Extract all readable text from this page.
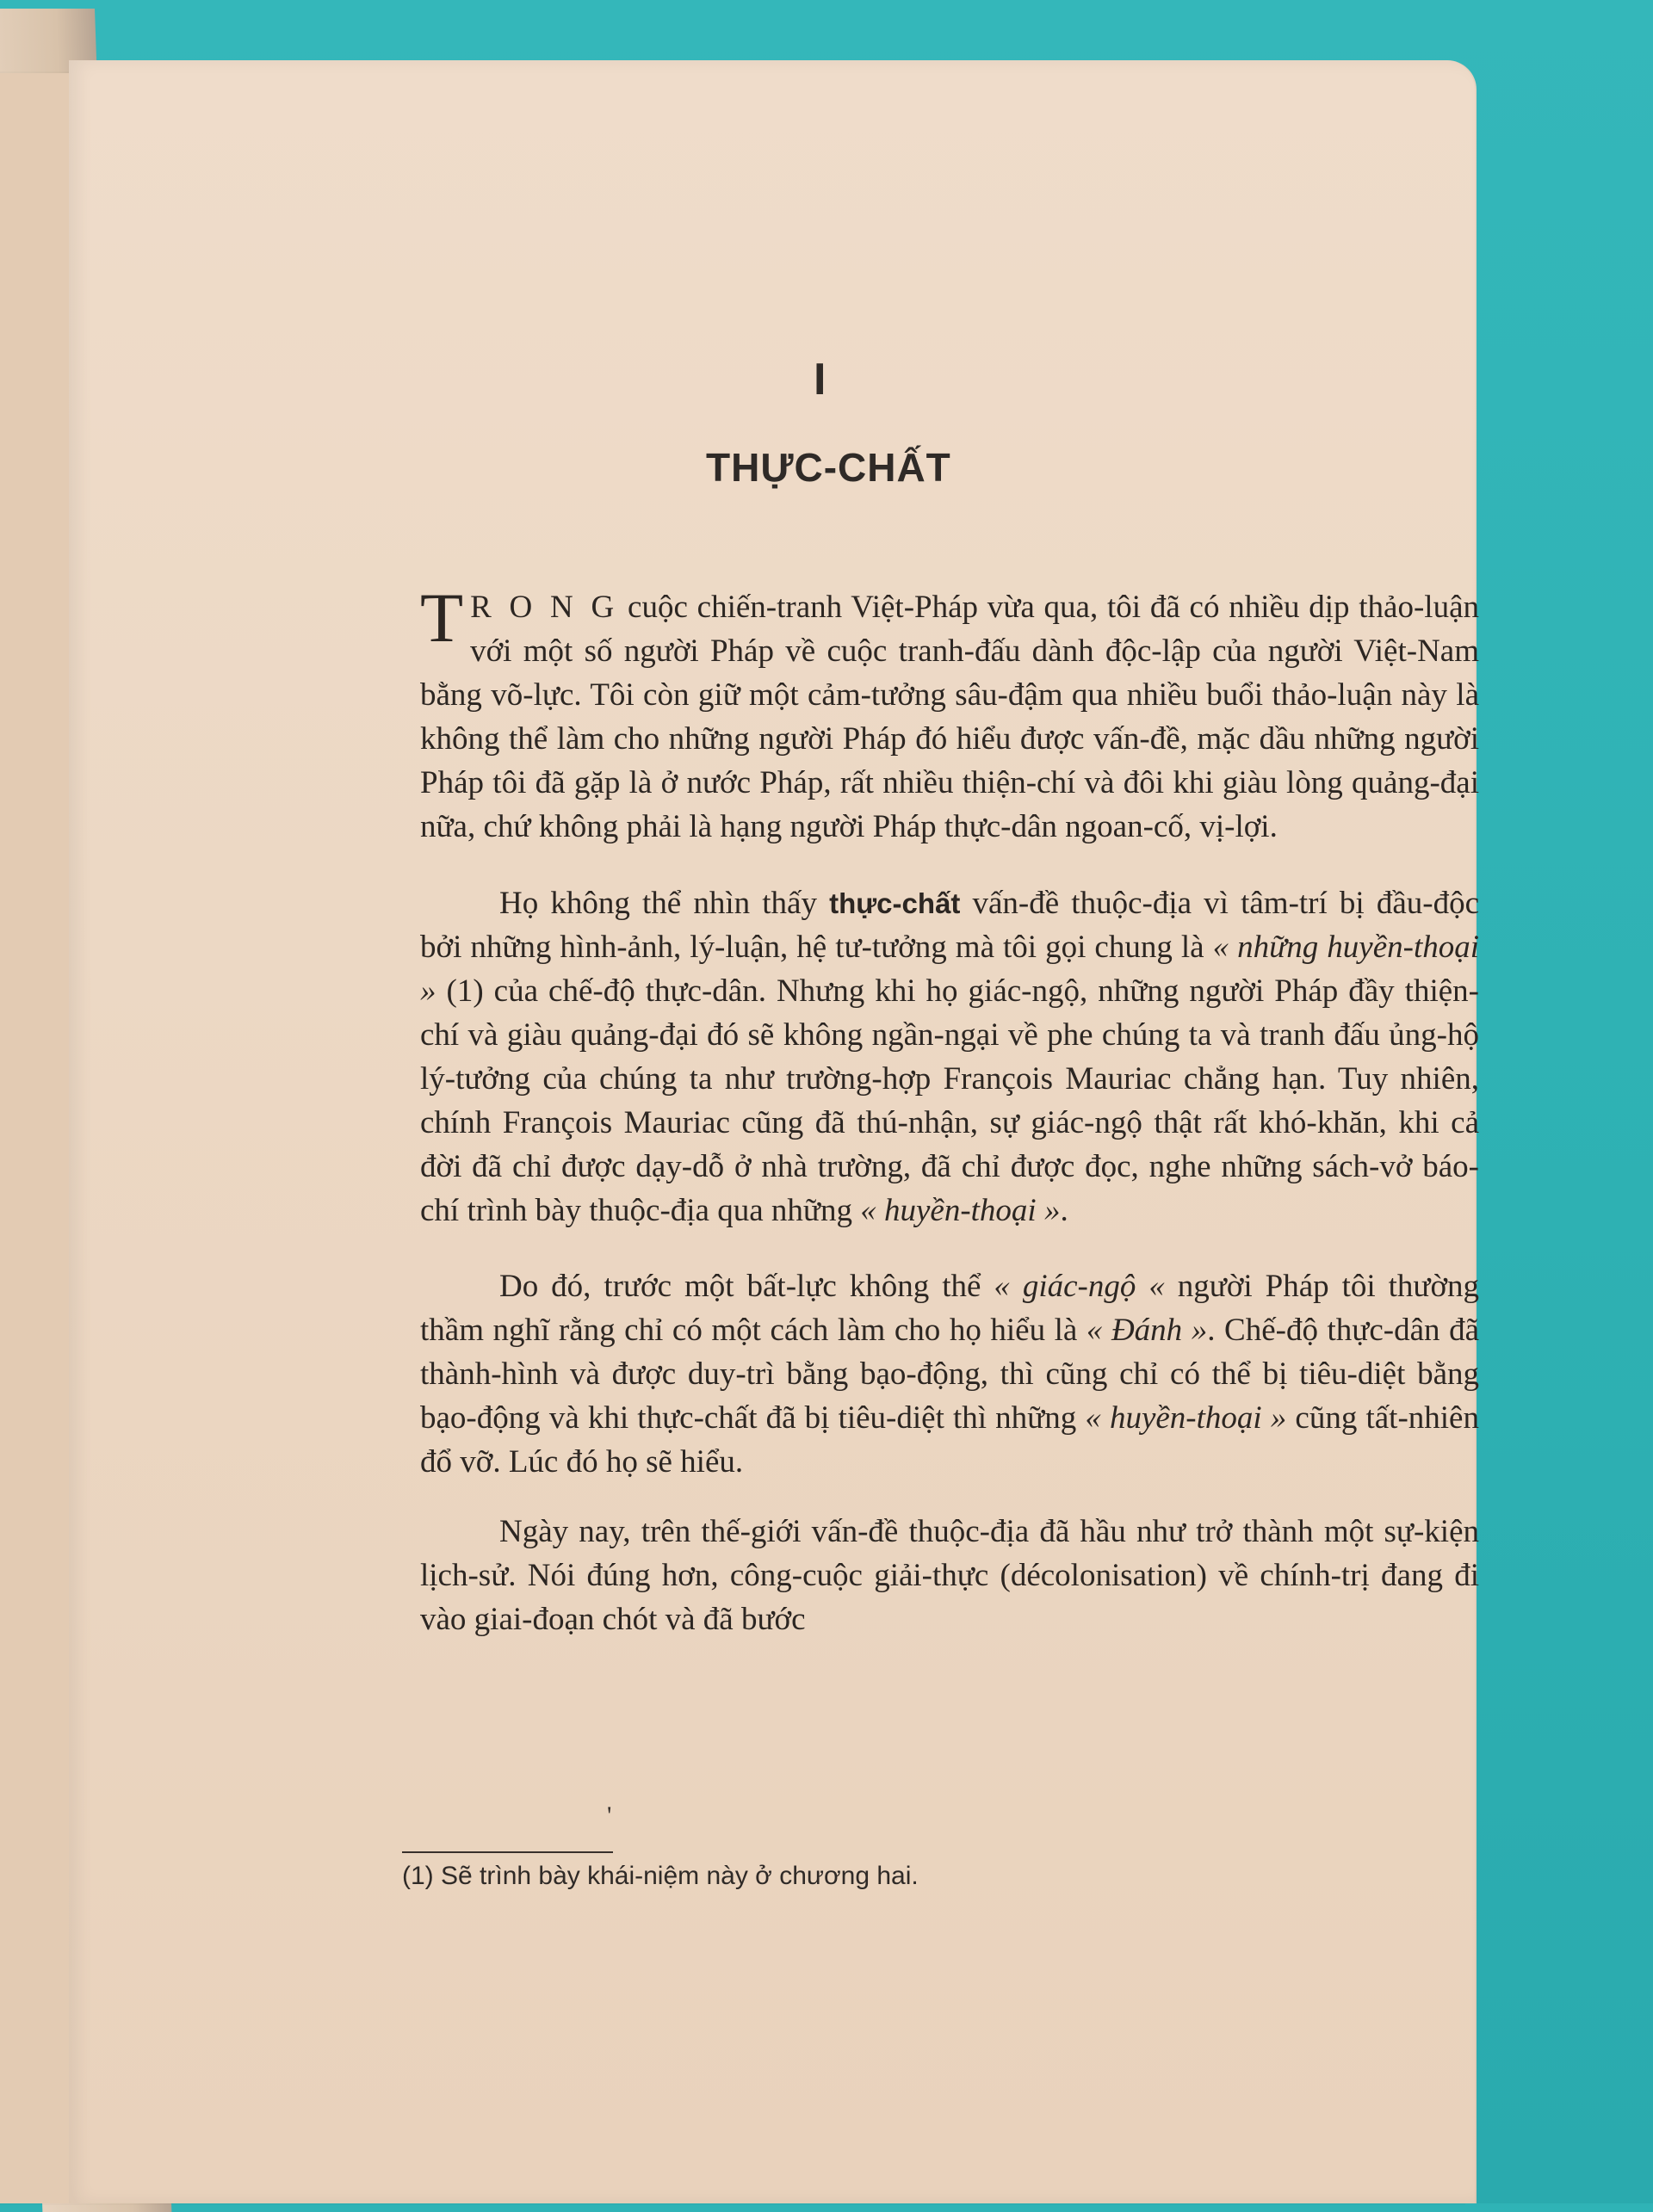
I
THỰC-CHẤT

T R O N G cuộc chiến-tranh Việt-Pháp vừa qua, tôi đã có nhiều dịp thảo-luận với một số người Pháp về cuộc tranh-đấu dành độc-lập của người Việt-Nam bằng võ-lực. Tôi còn giữ một cảm-tưởng sâu-đậm qua nhiều buổi thảo-luận này là không thể làm cho những người Pháp đó hiểu được vấn-đề, mặc dầu những người Pháp tôi đã gặp là ở nước Pháp, rất nhiều thiện-chí và đôi khi giàu lòng quảng-đại nữa, chứ không phải là hạng người Pháp thực-dân ngoan-cố, vị-lợi.

Họ không thể nhìn thấy thực-chất vấn-đề thuộc-địa vì tâm-trí bị đầu-độc bởi những hình-ảnh, lý-luận, hệ tư-tưởng mà tôi gọi chung là « những huyền-thoại » (1) của chế-độ thực-dân. Nhưng khi họ giác-ngộ, những người Pháp đầy thiện-chí và giàu quảng-đại đó sẽ không ngần-ngại về phe chúng ta và tranh đấu ủng-hộ lý-tưởng của chúng ta như trường-hợp François Mauriac chẳng hạn. Tuy nhiên, chính François Mauriac cũng đã thú-nhận, sự giác-ngộ thật rất khó-khăn, khi cả đời đã chỉ được dạy-dỗ ở nhà trường, đã chỉ được đọc, nghe những sách-vở báo-chí trình bày thuộc-địa qua những « huyền-thoại ».

Do đó, trước một bất-lực không thể « giác-ngộ « người Pháp tôi thường thầm nghĩ rằng chỉ có một cách làm cho họ hiểu là « Đánh ». Chế-độ thực-dân đã thành-hình và được duy-trì bằng bạo-động, thì cũng chỉ có thể bị tiêu-diệt bằng bạo-động và khi thực-chất đã bị tiêu-diệt thì những « huyền-thoại » cũng tất-nhiên đổ vỡ. Lúc đó họ sẽ hiểu.

Ngày nay, trên thế-giới vấn-đề thuộc-địa đã hầu như trở thành một sự-kiện lịch-sử. Nói đúng hơn, công-cuộc giải-thực (décolonisation) về chính-trị đang đi vào giai-đoạn chót và đã bước

'

(1) Sẽ trình bày khái-niệm này ở chương hai.
